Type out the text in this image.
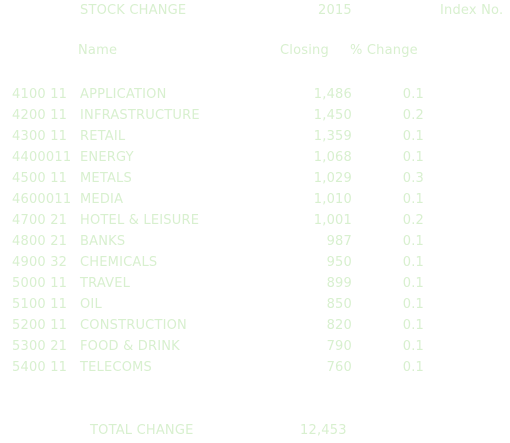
STOCK CHANGE	2015	Index No.
Name	Closing % Change
4100 11 APPLICATION	1,486	0.1
4200 11 INFRASTRUCTURE	1,450	0.2
4300 11 RETAIL	1,359	0.1
4400011 ENERGY	1,068	0.1
4500 11 METALS	1,029	0.3
4600011 MEDIA	1,010	0.1
4700 21 HOTEL & LEISURE	1,001	0.2
4800 21 BANKS	987	0.1
4900 32 CHEMICALS	950	0.1
5000 11 TRAVEL	899	0.1
5100 11 OIL	850	0.1
5200 11 CONSTRUCTION	820	0.1
5300 21 FOOD & DRINK	790	0.1
5400 11 TELECOMS	760	0.1
TOTAL CHANGE	12,453
